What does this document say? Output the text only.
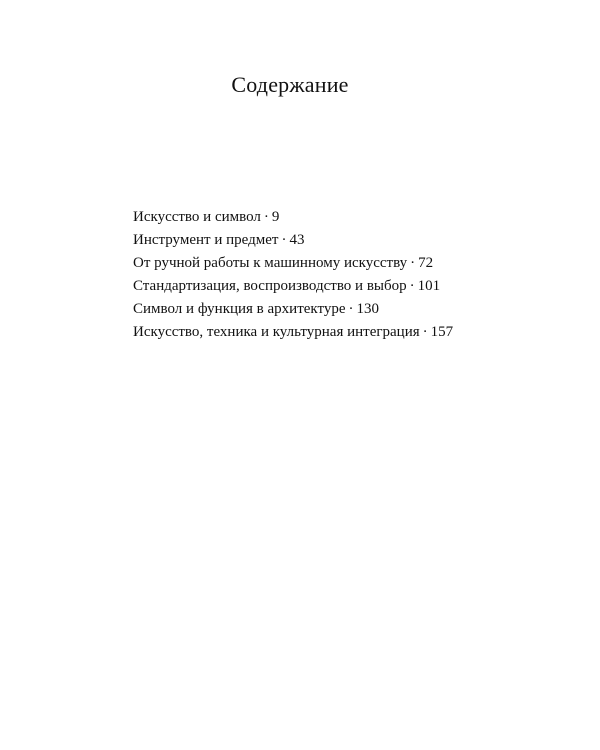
Содержание
Искусство и символ · 9
Инструмент и предмет · 43
От ручной работы к машинному искусству · 72
Стандартизация, воспроизводство и выбор · 101
Символ и функция в архитектуре · 130
Искусство, техника и культурная интеграция · 157
